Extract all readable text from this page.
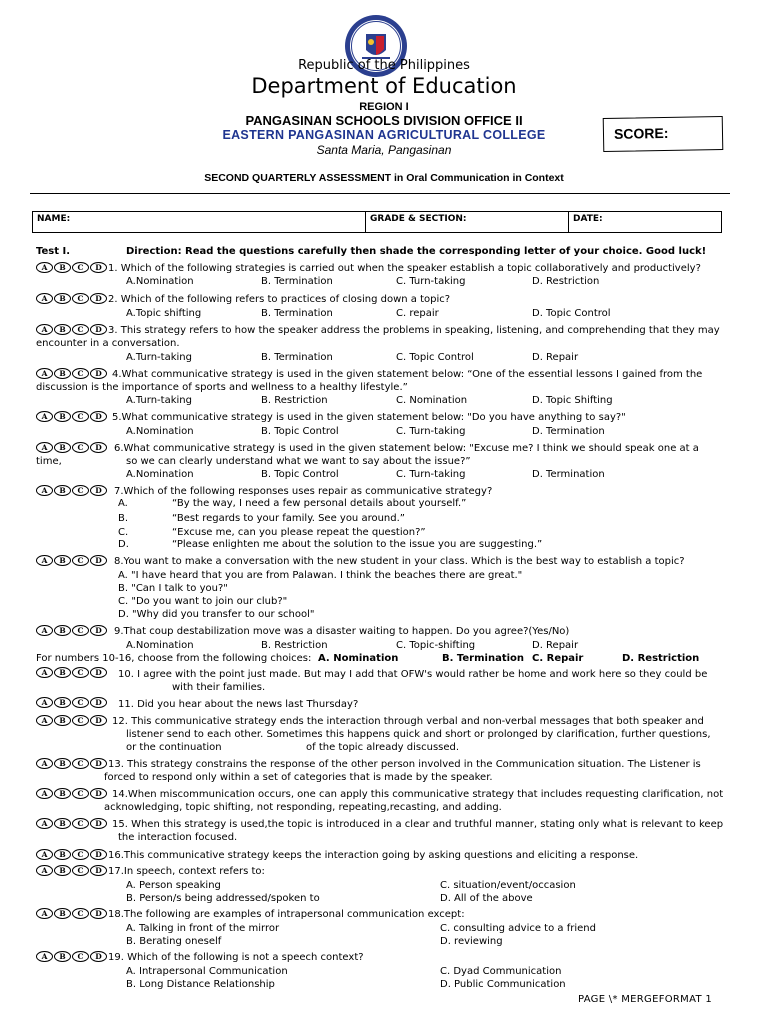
Republic of the Philippines
Department of Education
REGION I
PANGASINAN SCHOOLS DIVISION OFFICE II
EASTERN PANGASINAN AGRICULTURAL COLLEGE
Santa Maria, Pangasinan
SCORE:
SECOND QUARTERLY ASSESSMENT in Oral Communication in Context
NAME:	GRADE & SECTION:	DATE:
Test I.	Direction: Read the questions carefully then shade the corresponding letter of your choice. Good luck!
1. Which of the following strategies is carried out when the speaker establish a topic collaboratively and productively?
A.Nomination	B. Termination	C. Turn-taking	D. Restriction
2. Which of the following refers to practices of closing down a topic?
A.Topic shifting	B. Termination	C. repair	D. Topic Control
3. This strategy refers to how the speaker address the problems in speaking, listening, and comprehending that they may
encounter in a conversation.
A.Turn-taking	B. Termination	C. Topic Control	D. Repair
4.What communicative strategy is used in the given statement below: “One of the essential lessons I gained from the
discussion is the importance of sports and wellness to a healthy lifestyle.”
A.Turn-taking	B. Restriction	C. Nomination	D. Topic Shifting
5.What communicative strategy is used in the given statement below: "Do you have anything to say?"
A.Nomination	B. Topic Control	C. Turn-taking	D. Termination
6.What communicative strategy is used in the given statement below: "Excuse me? I think we should speak one at a
time,	so we can clearly understand what we want to say about the issue?”
A.Nomination	B. Topic Control	C. Turn-taking	D. Termination
7.Which of the following responses uses repair as communicative strategy?
A.	“By the way, I need a few personal details about yourself.”
B.	“Best regards to your family. See you around.”
C.	“Excuse me, can you please repeat the question?”
D.	“Please enlighten me about the solution to the issue you are suggesting.”
8.You want to make a conversation with the new student in your class. Which is the best way to establish a topic?
A. "I have heard that you are from Palawan. I think the beaches there are great."
B. "Can I talk to you?"
C. "Do you want to join our club?"
D. "Why did you transfer to our school"
9.That coup destabilization move was a disaster waiting to happen. Do you agree?(Yes/No)
A.Nomination	B. Restriction	C. Topic-shifting	D. Repair
For numbers 10-16, choose from the following choices: A. Nomination	B. Termination C. Repair	D. Restriction
10. I agree with the point just made. But may I add that OFW's would rather be home and work here so they could be
with their families.
11. Did you hear about the news last Thursday?
12. This communicative strategy ends the interaction through verbal and non-verbal messages that both speaker and
listener send to each other. Sometimes this happens quick and short or prolonged by clarification, further questions,
or the continuation	of the topic already discussed.
13. This strategy constrains the response of the other person involved in the Communication situation. The Listener is
forced to respond only within a set of categories that is made by the speaker.
14.When miscommunication occurs, one can apply this communicative strategy that includes requesting clarification, not
acknowledging, topic shifting, not responding, repeating,recasting, and adding.
15. When this strategy is used,the topic is introduced in a clear and truthful manner, stating only what is relevant to keep
the interaction focused.
16.This communicative strategy keeps the interaction going by asking questions and eliciting a response.
17.In speech, context refers to:
A. Person speaking	C. situation/event/occasion
B. Person/s being addressed/spoken to	D. All of the above
18.The following are examples of intrapersonal communication except:
A. Talking in front of the mirror	C. consulting advice to a friend
B. Berating oneself	D. reviewing
19. Which of the following is not a speech context?
A. Intrapersonal Communication	C. Dyad Communication
B. Long Distance Relationship	D. Public Communication
A	B	C	D
A	B	C	D
A	B	C	D
A	B	C	D
A	B	C	D
A	B	C	D
A	B	C	D
A	B	C	D
A	B	C	D
A	B	C	D
A	B	C	D
A	B	C	D
A	B	C	D
A	B	C	D
A	B	C	D
A	B	C	D
A	B	C	D
A	B	C	D
A	B	C	D
PAGE \* MERGEFORMAT 1
